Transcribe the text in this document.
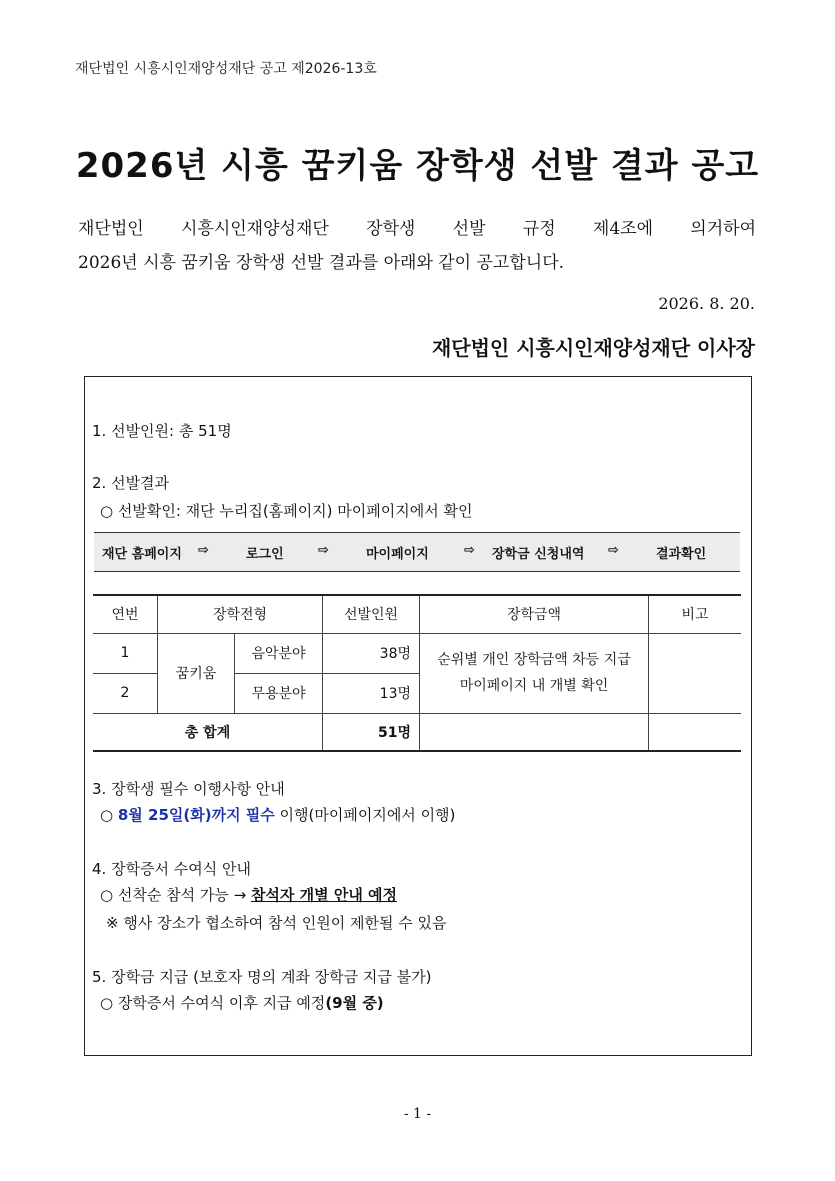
재단법인 시흥시인재양성재단 공고 제2026-13호
2026년 시흥 꿈키움 장학생 선발 결과 공고
재단법인 시흥시인재양성재단 장학생 선발 규정 제4조에 의거하여
2026년 시흥 꿈키움 장학생 선발 결과를 아래와 같이 공고합니다.
2026. 8. 20.
재단법인 시흥시인재양성재단 이사장
1. 선발인원: 총 51명
2. 선발결과
○ 선발확인: 재단 누리집(홈페이지) 마이페이지에서 확인
재단 홈페이지 ⇨	로그인	⇨	마이페이지	⇨ 장학금 신청내역 ⇨	결과확인
연번	장학전형		선발인원	장학금액	비고
1	꿈키움	음악분야	38명	순위별 개인 장학금액 차등 지급
마이페이지 내 개별 확인	

2		무용분야	13명		
총 합계			51명		
3. 장학생 필수 이행사항 안내
○ 8월 25일(화)까지 필수 이행(마이페이지에서 이행)
4. 장학증서 수여식 안내
○ 선착순 참석 가능 → 참석자 개별 안내 예정
※ 행사 장소가 협소하여 참석 인원이 제한될 수 있음
5. 장학금 지급 (보호자 명의 계좌 장학금 지급 불가)
○ 장학증서 수여식 이후 지급 예정(9월 중)
- 1 -
